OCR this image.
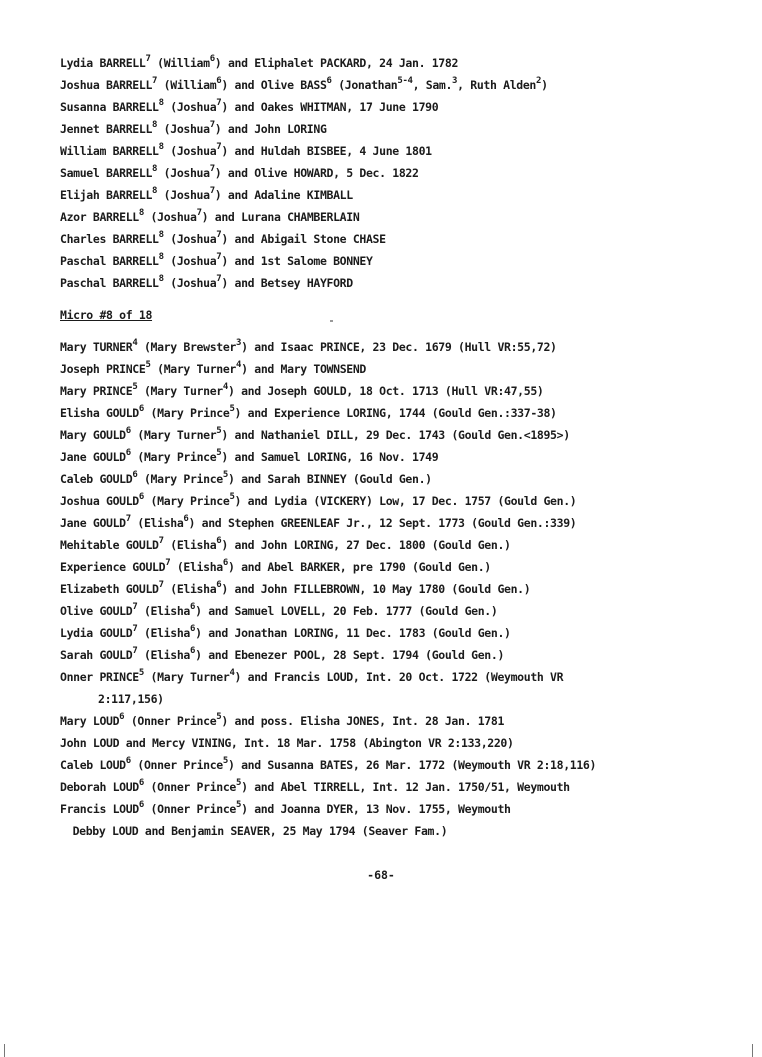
Lydia BARRELL$^7$ (William$^6$) and Eliphalet PACKARD, 24 Jan. 1782
Joshua BARRELL$^7$ (William$^6$) and Olive BASS$^6$ (Jonathan$^{5-4}$, Sam.$^3$, Ruth Alden$^2$)
Susanna BARRELL$^8$ (Joshua$^7$) and Oakes WHITMAN, 17 June 1790
Jennet BARRELL$^8$ (Joshua$^7$) and John LORING
William BARRELL$^8$ (Joshua$^7$) and Huldah BISBEE, 4 June 1801
Samuel BARRELL$^8$ (Joshua$^7$) and Olive HOWARD, 5 Dec. 1822
Elijah BARRELL$^8$ (Joshua$^7$) and Adaline KIMBALL
Azor BARRELL$^8$ (Joshua$^7$) and Lurana CHAMBERLAIN
Charles BARRELL$^8$ (Joshua$^7$) and Abigail Stone CHASE
Paschal BARRELL$^8$ (Joshua$^7$) and 1st Salome BONNEY
Paschal BARRELL$^8$ (Joshua$^7$) and Betsey HAYFORD
Micro #8 of 18
Mary TURNER$^4$ (Mary Brewster$^3$) and Isaac PRINCE, 23 Dec. 1679 (Hull VR:55,72)
Joseph PRINCE$^5$ (Mary Turner$^4$) and Mary TOWNSEND
Mary PRINCE$^5$ (Mary Turner$^4$) and Joseph GOULD, 18 Oct. 1713 (Hull VR:47,55)
Elisha GOULD$^6$ (Mary Prince$^5$) and Experience LORING, 1744 (Gould Gen.:337-38)
Mary GOULD$^6$ (Mary Turner$^5$) and Nathaniel DILL, 29 Dec. 1743 (Gould Gen.<1895>)
Jane GOULD$^6$ (Mary Prince$^5$) and Samuel LORING, 16 Nov. 1749
Caleb GOULD$^6$ (Mary Prince$^5$) and Sarah BINNEY (Gould Gen.)
Joshua GOULD$^6$ (Mary Prince$^5$) and Lydia (VICKERY) Low, 17 Dec. 1757 (Gould Gen.)
Jane GOULD$^7$ (Elisha$^6$) and Stephen GREENLEAF Jr., 12 Sept. 1773 (Gould Gen.:339)
Mehitable GOULD$^7$ (Elisha$^6$) and John LORING, 27 Dec. 1800 (Gould Gen.)
Experience GOULD$^7$ (Elisha$^6$) and Abel BARKER, pre 1790 (Gould Gen.)
Elizabeth GOULD$^7$ (Elisha$^6$) and John FILLEBROWN, 10 May 1780 (Gould Gen.)
Olive GOULD$^7$ (Elisha$^6$) and Samuel LOVELL, 20 Feb. 1777 (Gould Gen.)
Lydia GOULD$^7$ (Elisha$^6$) and Jonathan LORING, 11 Dec. 1783 (Gould Gen.)
Sarah GOULD$^7$ (Elisha$^6$) and Ebenezer POOL, 28 Sept. 1794 (Gould Gen.)
Onner PRINCE$^5$ (Mary Turner$^4$) and Francis LOUD, Int. 20 Oct. 1722 (Weymouth VR
2:117,156)
Mary LOUD$^6$ (Onner Prince$^5$) and poss. Elisha JONES, Int. 28 Jan. 1781
John LOUD and Mercy VINING, Int. 18 Mar. 1758 (Abington VR 2:133,220)
Caleb LOUD$^6$ (Onner Prince$^5$) and Susanna BATES, 26 Mar. 1772 (Weymouth VR 2:18,116)
Deborah LOUD$^6$ (Onner Prince$^5$) and Abel TIRRELL, Int. 12 Jan. 1750/51, Weymouth
Francis LOUD$^6$ (Onner Prince$^5$) and Joanna DYER, 13 Nov. 1755, Weymouth
Debby LOUD and Benjamin SEAVER, 25 May 1794 (Seaver Fam.)
-68-
